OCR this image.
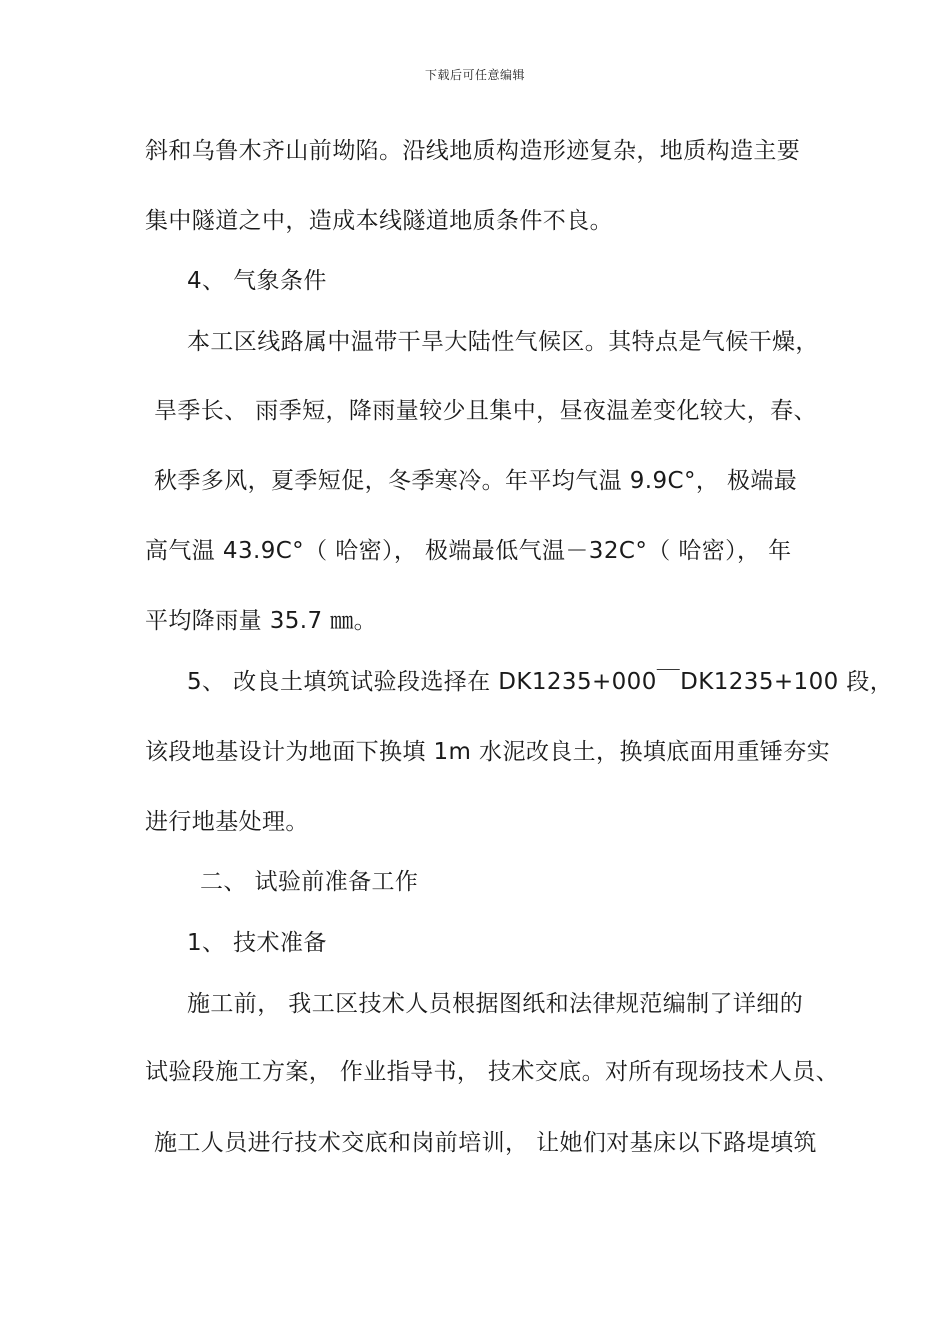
下载后可任意编辑
斜和乌鲁木齐山前坳陷。沿线地质构造形迹复杂，地质构造主要
集中隧道之中，造成本线隧道地质条件不良。
4、 气象条件
本工区线路属中温带干旱大陆性气候区。其特点是气候干燥，
旱季长、 雨季短，降雨量较少且集中，昼夜温差变化较大，春、
秋季多风，夏季短促，冬季寒冷。年平均气温 9.9C°， 极端最
高气温 43.9C°（ 哈密）， 极端最低气温－32C°（ 哈密）， 年
平均降雨量 35.7 ㎜。
5、 改良土填筑试验段选择在 DK1235+000￣DK1235+100 段，
该段地基设计为地面下换填 1m 水泥改良土，换填底面用重锤夯实
进行地基处理。
二、 试验前准备工作
1、 技术准备
施工前， 我工区技术人员根据图纸和法律规范编制了详细的
试验段施工方案， 作业指导书， 技术交底。对所有现场技术人员、
施工人员进行技术交底和岗前培训， 让她们对基床以下路堤填筑
